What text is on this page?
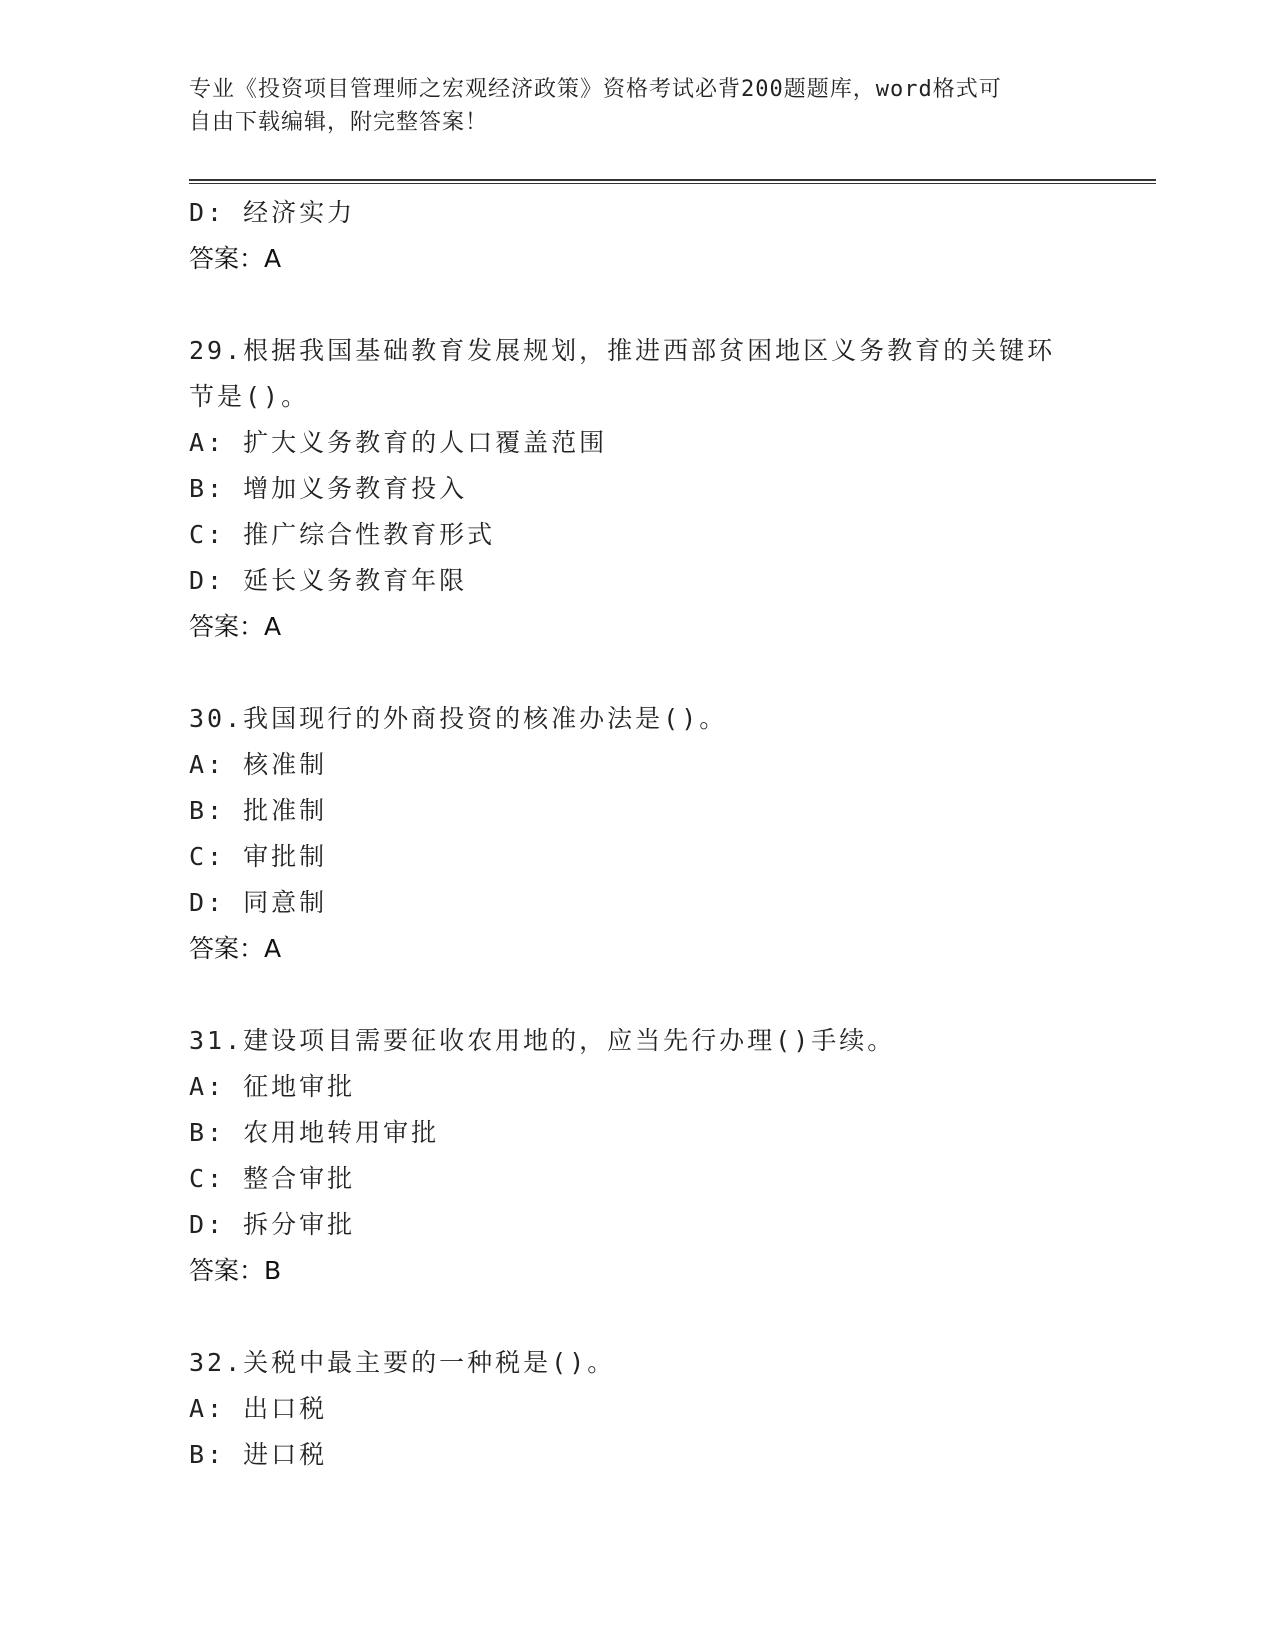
专业《投资项目管理师之宏观经济政策》资格考试必背200题题库，word格式可
自由下载编辑，附完整答案！
D: 经济实力
答案：A
29.根据我国基础教育发展规划，推进西部贫困地区义务教育的关键环
节是()。
A: 扩大义务教育的人口覆盖范围
B: 增加义务教育投入
C: 推广综合性教育形式
D: 延长义务教育年限
答案：A
30.我国现行的外商投资的核准办法是()。
A: 核准制
B: 批准制
C: 审批制
D: 同意制
答案：A
31.建设项目需要征收农用地的，应当先行办理()手续。
A: 征地审批
B: 农用地转用审批
C: 整合审批
D: 拆分审批
答案：B
32.关税中最主要的一种税是()。
A: 出口税
B: 进口税
